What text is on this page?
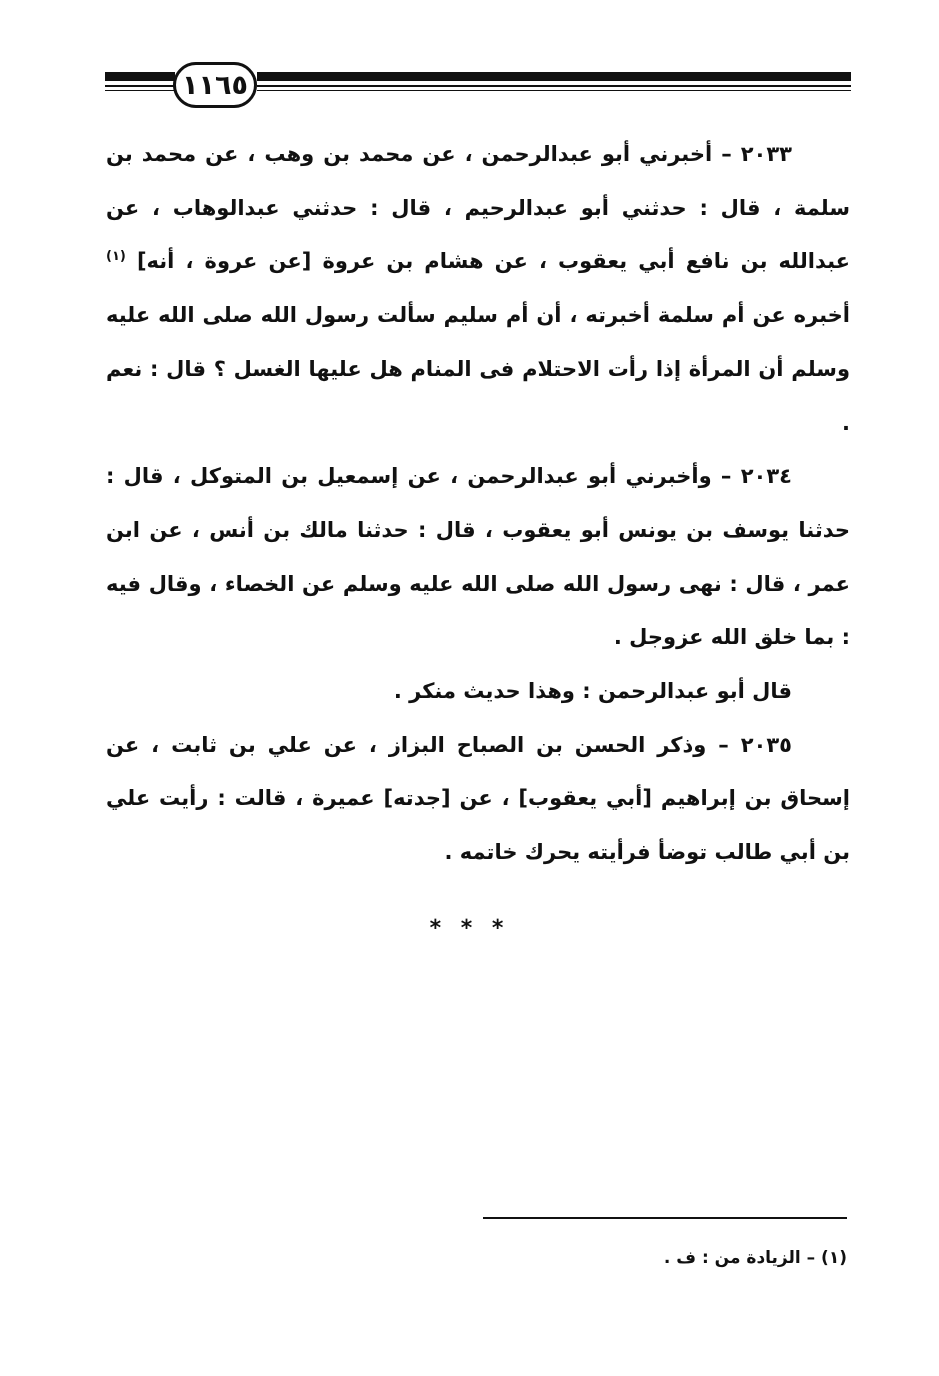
١١٦٥

٢٠٣٣ – أخبرني أبو عبدالرحمن ، عن محمد بن وهب ، عن محمد بن سلمة ، قال : حدثني أبو عبدالرحيم ، قال : حدثني عبدالوهاب ، عن عبدالله بن نافع أبي يعقوب ، عن هشام بن عروة [عن عروة ، أنه] $^{(١)}$ أخبره عن أم سلمة أخبرته ، أن أم سليم سألت رسول الله صلى الله عليه وسلم أن المرأة إذا رأت الاحتلام فى المنام هل عليها الغسل ؟ قال : نعم .

٢٠٣٤ – وأخبرني أبو عبدالرحمن ، عن إسمعيل بن المتوكل ، قال : حدثنا يوسف بن يونس أبو يعقوب ، قال : حدثنا مالك بن أنس ، عن ابن عمر ، قال : نهى رسول الله صلى الله عليه وسلم عن الخصاء ، وقال فيه : بما خلق الله عزوجل .

قال أبو عبدالرحمن : وهذا حديث منكر .

٢٠٣٥ – وذكر الحسن بن الصباح البزاز ، عن علي بن ثابت ، عن إسحاق بن إبراهيم [أبي يعقوب] ، عن [جدته] عميرة ، قالت : رأيت علي بن أبي طالب توضأ فرأيته يحرك خاتمه .

* * *
(١) – الزيادة من : ف .
